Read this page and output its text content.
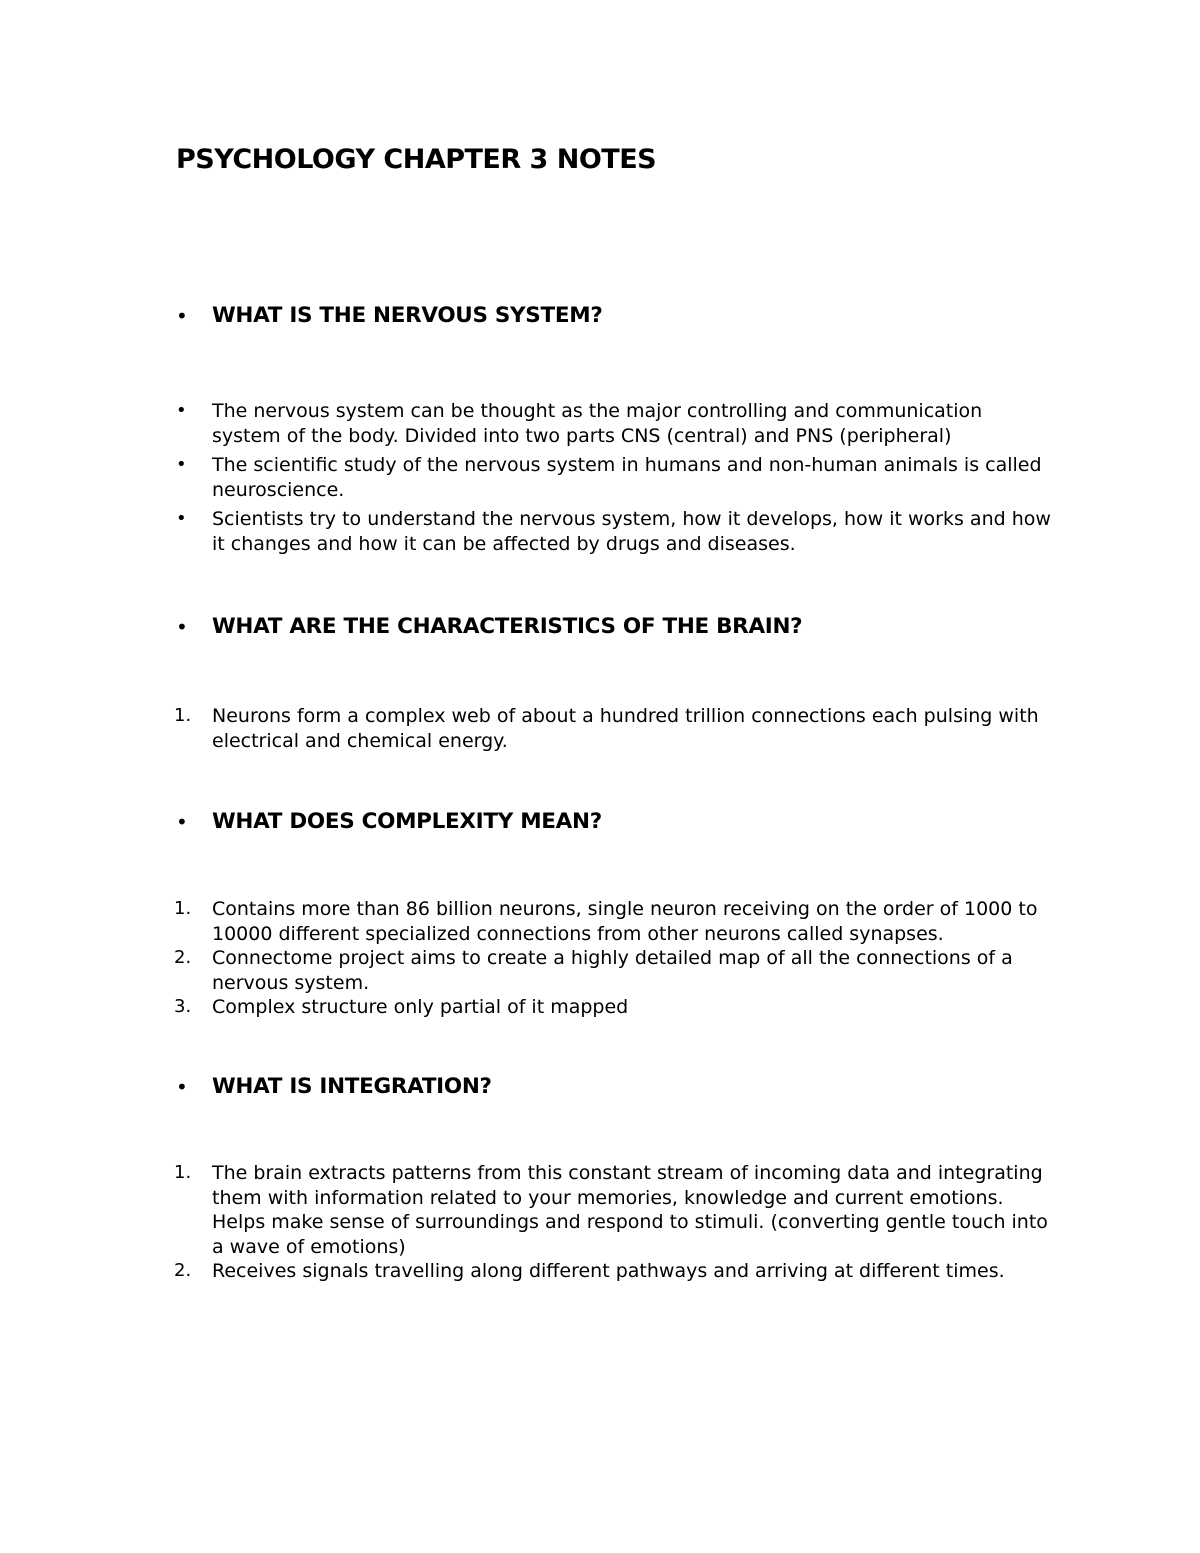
PSYCHOLOGY CHAPTER 3 NOTES
•	WHAT IS THE NERVOUS SYSTEM?
•	The nervous system can be thought as the major controlling and communication system of the body. Divided into two parts CNS (central) and PNS (peripheral)
•	The scientific study of the nervous system in humans and non-human animals is called neuroscience.
•	Scientists try to understand the nervous system, how it develops, how it works and how it changes and how it can be affected by drugs and diseases.
•	WHAT ARE THE CHARACTERISTICS OF THE BRAIN?
1.	Neurons form a complex web of about a hundred trillion connections each pulsing with electrical and chemical energy.
•	WHAT DOES COMPLEXITY MEAN?
1.	Contains more than 86 billion neurons, single neuron receiving on the order of 1000 to 10000 different specialized connections from other neurons called synapses.
2.	Connectome project aims to create a highly detailed map of all the connections of a nervous system.
3.	Complex structure only partial of it mapped
•	WHAT IS INTEGRATION?
1.	The brain extracts patterns from this constant stream of incoming data and integrating them with information related to your memories, knowledge and current emotions. Helps make sense of surroundings and respond to stimuli. (converting gentle touch into a wave of emotions)
2.	Receives signals travelling along different pathways and arriving at different times.
